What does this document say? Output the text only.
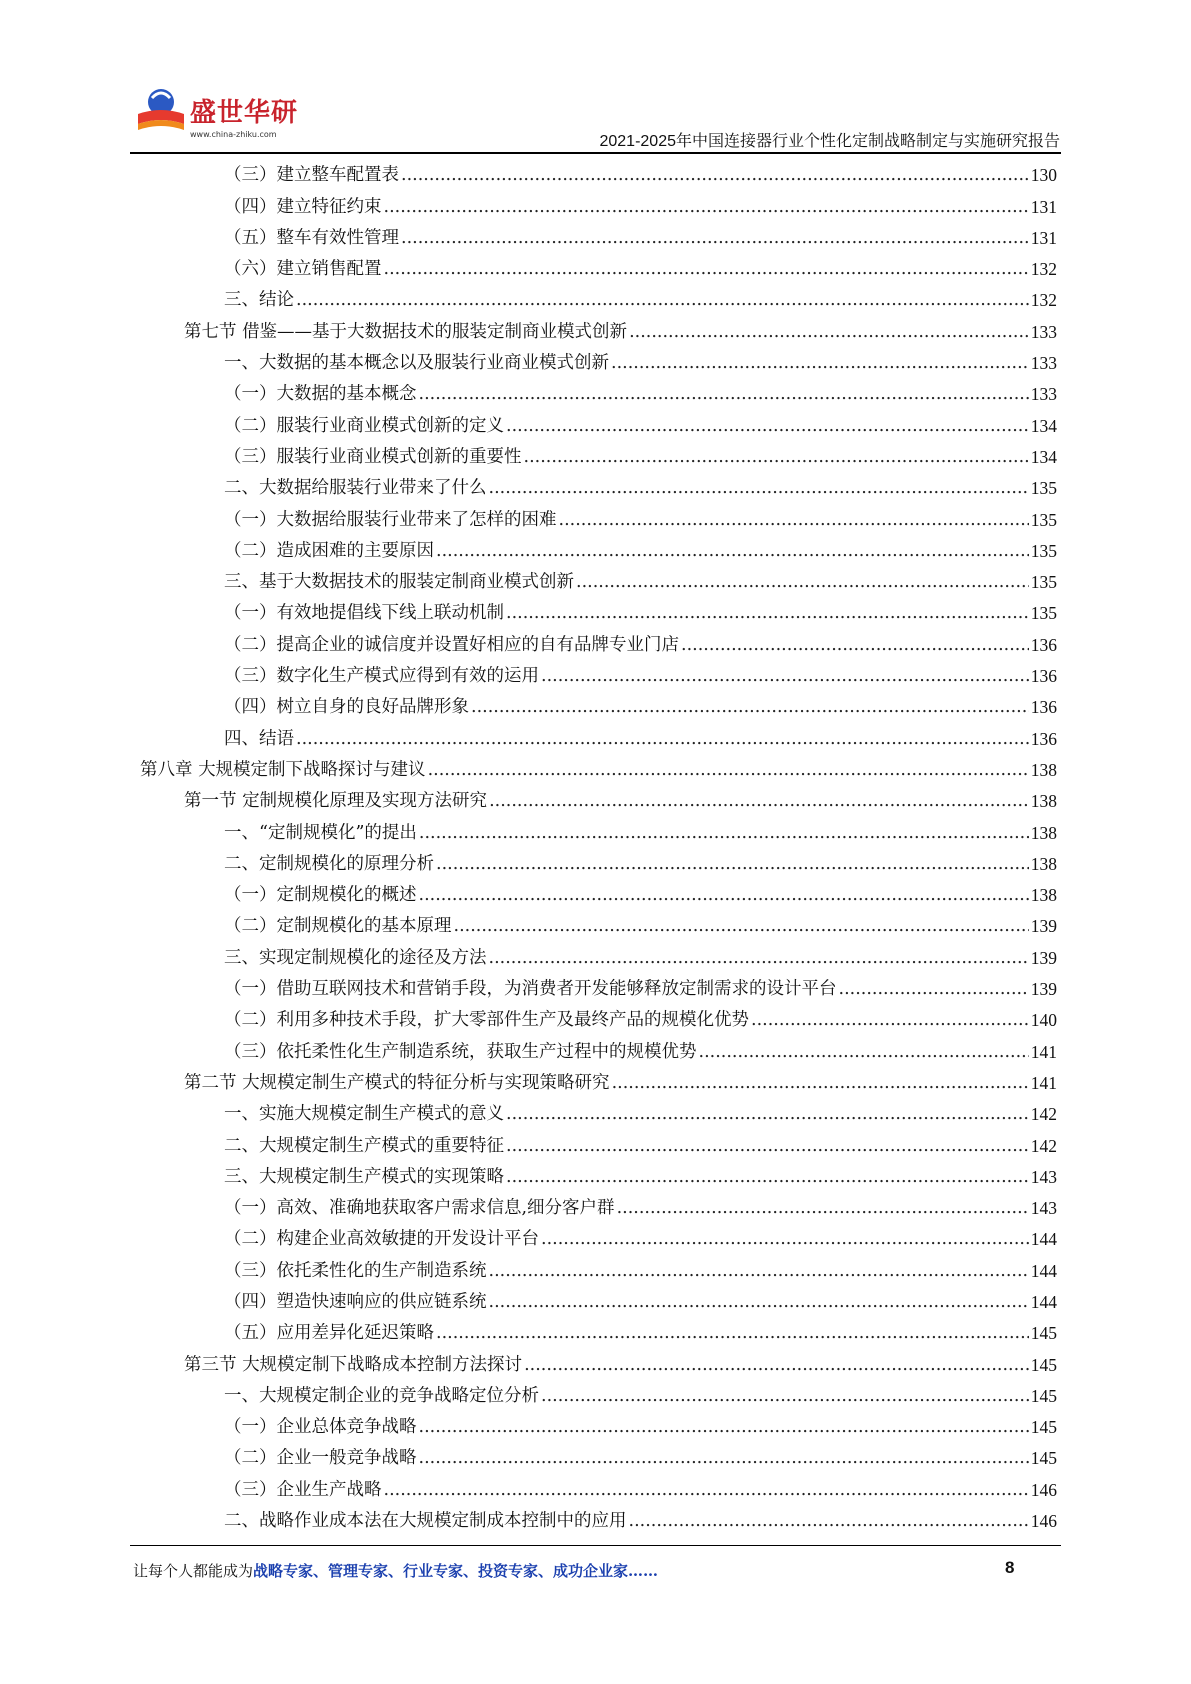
盛世华研
www.china-zhiku.com	2021-2025年中国连接器行业个性化定制战略制定与实施研究报告
（三）建立整车配置表 .....	130
（四）建立特征约束 .....	131
（五）整车有效性管理 .....	131
（六）建立销售配置 .....	132
三、结论 .....	132
第七节 借鉴——基于大数据技术的服装定制商业模式创新 .....	133
一、大数据的基本概念以及服装行业商业模式创新 .....	133
（一）大数据的基本概念 .....	133
（二）服装行业商业模式创新的定义 .....	134
（三）服装行业商业模式创新的重要性 .....	134
二、大数据给服装行业带来了什么 .....	135
（一）大数据给服装行业带来了怎样的困难 .....	135
（二）造成困难的主要原因 .....	135
三、基于大数据技术的服装定制商业模式创新 .....	135
（一）有效地提倡线下线上联动机制 .....	135
（二）提高企业的诚信度并设置好相应的自有品牌专业门店 .....	136
（三）数字化生产模式应得到有效的运用 .....	136
（四）树立自身的良好品牌形象 .....	136
四、结语 .....	136
第八章 大规模定制下战略探讨与建议 .....	138
第一节 定制规模化原理及实现方法研究 .....	138
一、“定制规模化”的提出 .....	138
二、定制规模化的原理分析 .....	138
（一）定制规模化的概述 .....	138
（二）定制规模化的基本原理 .....	139
三、实现定制规模化的途径及方法 .....	139
（一）借助互联网技术和营销手段，为消费者开发能够释放定制需求的设计平台 .....	139
（二）利用多种技术手段，扩大零部件生产及最终产品的规模化优势 .....	140
（三）依托柔性化生产制造系统，获取生产过程中的规模优势 .....	141
第二节 大规模定制生产模式的特征分析与实现策略研究 .....	141
一、实施大规模定制生产模式的意义 .....	142
二、大规模定制生产模式的重要特征 .....	142
三、大规模定制生产模式的实现策略 .....	143
（一）高效、准确地获取客户需求信息,细分客户群 .....	143
（二）构建企业高效敏捷的开发设计平台 .....	144
（三）依托柔性化的生产制造系统 .....	144
（四）塑造快速响应的供应链系统 .....	144
（五）应用差异化延迟策略 .....	145
第三节 大规模定制下战略成本控制方法探讨 .....	145
一、大规模定制企业的竞争战略定位分析 .....	145
（一）企业总体竞争战略 .....	145
（二）企业一般竞争战略 .....	145
（三）企业生产战略 .....	146
二、战略作业成本法在大规模定制成本控制中的应用 .....	146
让每个人都能成为战略专家、管理专家、行业专家、投资专家、成功企业家……	8
